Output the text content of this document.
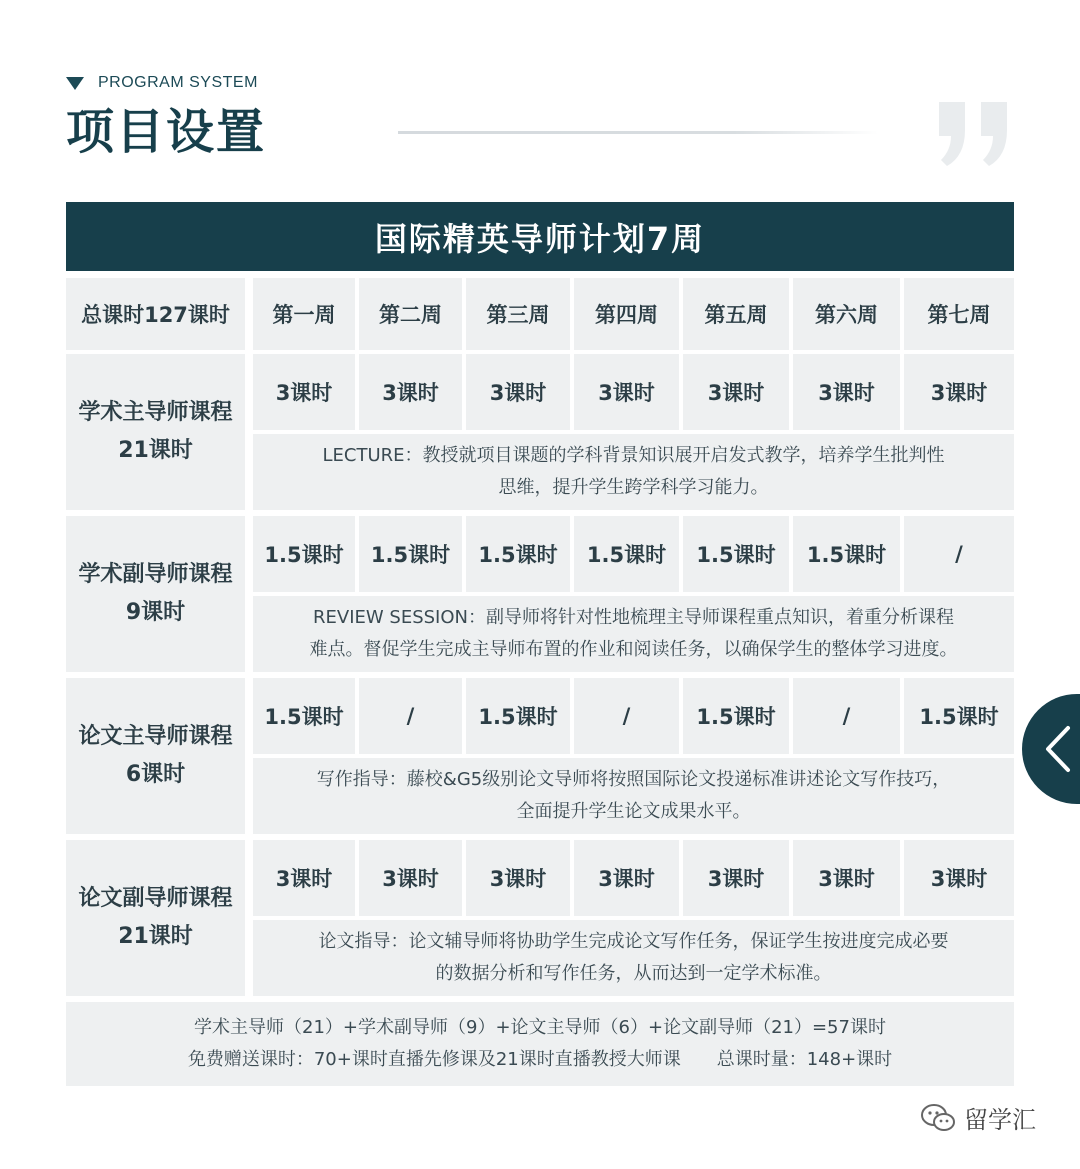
PROGRAM SYSTEM
项目设置
国际精英导师计划7周
总课时127课时	第一周	第二周	第三周	第四周	第五周	第六周	第七周
学术主导师课程
21课时
3课时	3课时	3课时	3课时	3课时	3课时	3课时
LECTURE：教授就项目课题的学科背景知识展开启发式教学，培养学生批判性
思维，提升学生跨学科学习能力。
学术副导师课程
9课时
1.5课时	1.5课时	1.5课时	1.5课时	1.5课时	1.5课时	/
REVIEW SESSION：副导师将针对性地梳理主导师课程重点知识，着重分析课程
难点。督促学生完成主导师布置的作业和阅读任务，以确保学生的整体学习进度。
论文主导师课程
6课时
1.5课时	/	1.5课时	/	1.5课时	/	1.5课时
写作指导：藤校&G5级别论文导师将按照国际论文投递标准讲述论文写作技巧，
全面提升学生论文成果水平。
论文副导师课程
21课时
3课时	3课时	3课时	3课时	3课时	3课时	3课时
论文指导：论文辅导师将协助学生完成论文写作任务，保证学生按进度完成必要
的数据分析和写作任务，从而达到一定学术标准。
学术主导师（21）+学术副导师（9）+论文主导师（6）+论文副导师（21）=57课时
免费赠送课时：70+课时直播先修课及21课时直播教授大师课　　总课时量：148+课时
留学汇
